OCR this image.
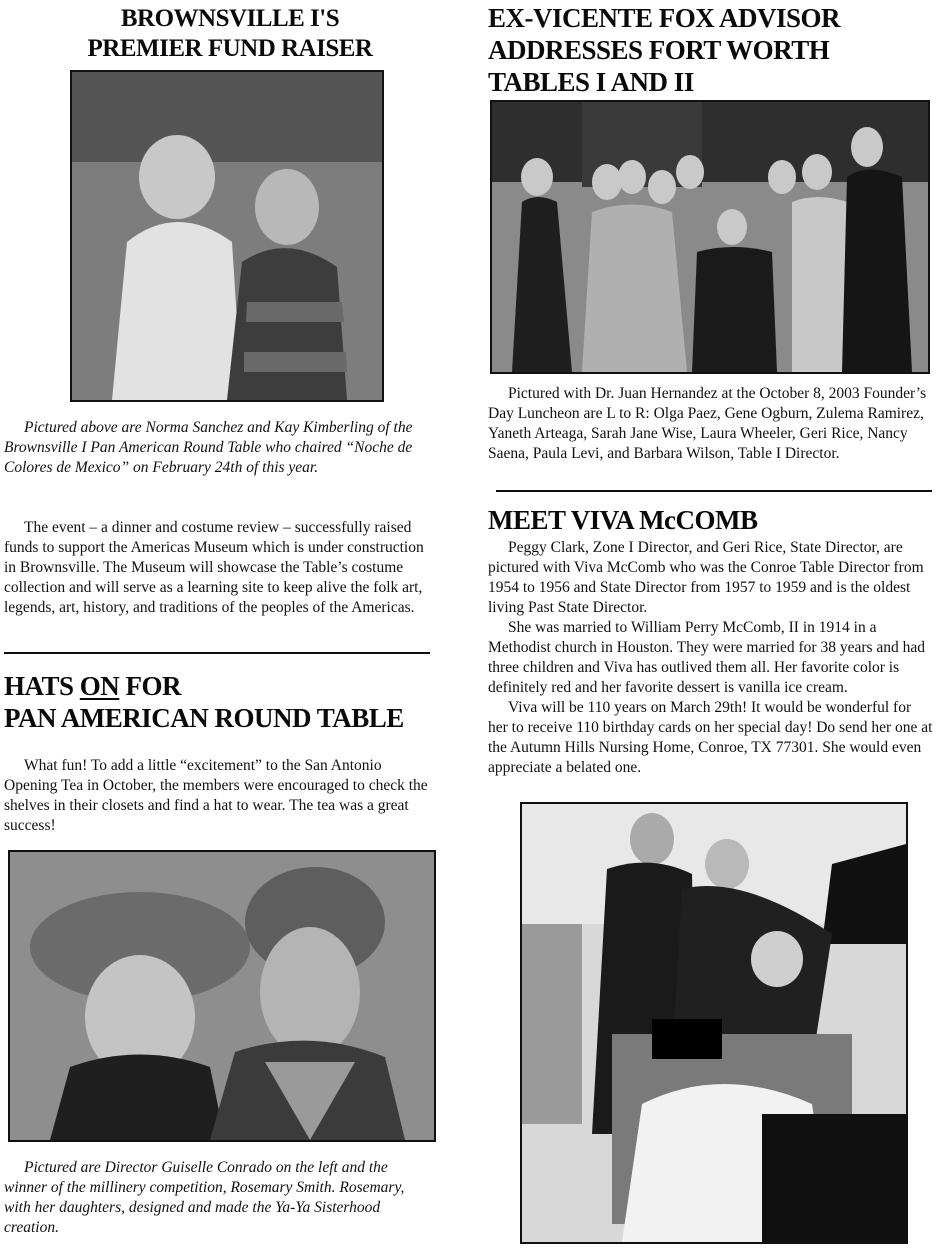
BROWNSVILLE I'S
PREMIER FUND RAISER
Pictured above are Norma Sanchez and Kay Kimberling of the Brownsville I Pan American Round Table who chaired “Noche de Colores de Mexico” on February 24th of this year.
The event – a dinner and costume review – successfully raised funds to support the Americas Museum which is under construction in Brownsville. The Museum will showcase the Table’s costume collection and will serve as a learning site to keep alive the folk art, legends, art, history, and traditions of the peoples of the Americas.
HATS ON FOR
PAN AMERICAN ROUND TABLE
What fun! To add a little “excitement” to the San Antonio Opening Tea in October, the members were encouraged to check the shelves in their closets and find a hat to wear. The tea was a great success!
Pictured are Director Guiselle Conrado on the left and the winner of the millinery competition, Rosemary Smith. Rosemary, with her daughters, designed and made the Ya-Ya Sisterhood creation.
EX-VICENTE FOX ADVISOR
ADDRESSES FORT WORTH
TABLES I AND II
Pictured with Dr. Juan Hernandez at the October 8, 2003 Founder’s Day Luncheon are L to R: Olga Paez, Gene Ogburn, Zulema Ramirez, Yaneth Arteaga, Sarah Jane Wise, Laura Wheeler, Geri Rice, Nancy Saena, Paula Levi, and Barbara Wilson, Table I Director.
MEET VIVA McCOMB

Peggy Clark, Zone I Director, and Geri Rice, State Director, are pictured with Viva McComb who was the Conroe Table Director from 1954 to 1956 and State Director from 1957 to 1959 and is the oldest living Past State Director.

She was married to William Perry McComb, II in 1914 in a Methodist church in Houston. They were married for 38 years and had three children and Viva has outlived them all. Her favorite color is definitely red and her favorite dessert is vanilla ice cream.

Viva will be 110 years on March 29th! It would be wonderful for her to receive 110 birthday cards on her special day! Do send her one at the Autumn Hills Nursing Home, Conroe, TX 77301. She would even appreciate a belated one.
